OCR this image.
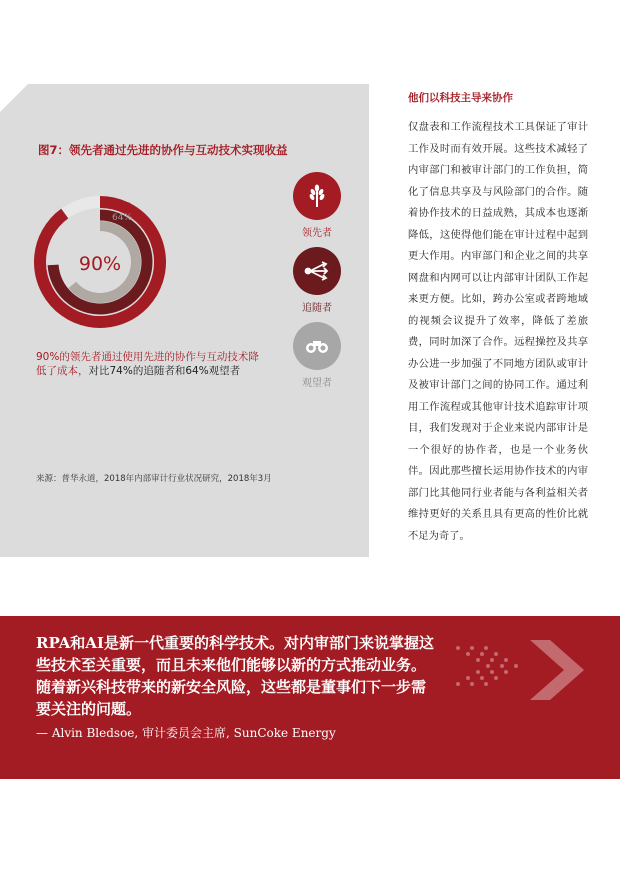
图7：领先者通过先进的协作与互动技术实现收益
74%
64%
90%
90%的领先者通过使用先进的协作与互动技术降低了成本，对比74%的追随者和64%观望者
来源：普华永道，2018年内部审计行业状况研究，2018年3月
领先者
追随者
观望者
他们以科技主导来协作
仅盘表和工作流程技术工具保证了审计工作及时而有效开展。这些技术减轻了内审部门和被审计部门的工作负担，简化了信息共享及与风险部门的合作。随着协作技术的日益成熟，其成本也逐渐降低，这使得他们能在审计过程中起到更大作用。内审部门和企业之间的共享网盘和内网可以让内部审计团队工作起来更方便。比如，跨办公室或者跨地域的视频会议提升了效率，降低了差旅费，同时加深了合作。远程操控及共享办公进一步加强了不同地方团队或审计及被审计部门之间的协同工作。通过利用工作流程或其他审计技术追踪审计项目，我们发现对于企业来说内部审计是一个很好的协作者，也是一个业务伙伴。因此那些擅长运用协作技术的内审部门比其他同行业者能与各利益相关者维持更好的关系且具有更高的性价比就不足为奇了。
RPA和AI是新一代重要的科学技术。对内审部门来说掌握这些技术至关重要，而且未来他们能够以新的方式推动业务。随着新兴科技带来的新安全风险，这些都是董事们下一步需要关注的问题。
— Alvin Bledsoe, 审计委员会主席, SunCoke Energy
